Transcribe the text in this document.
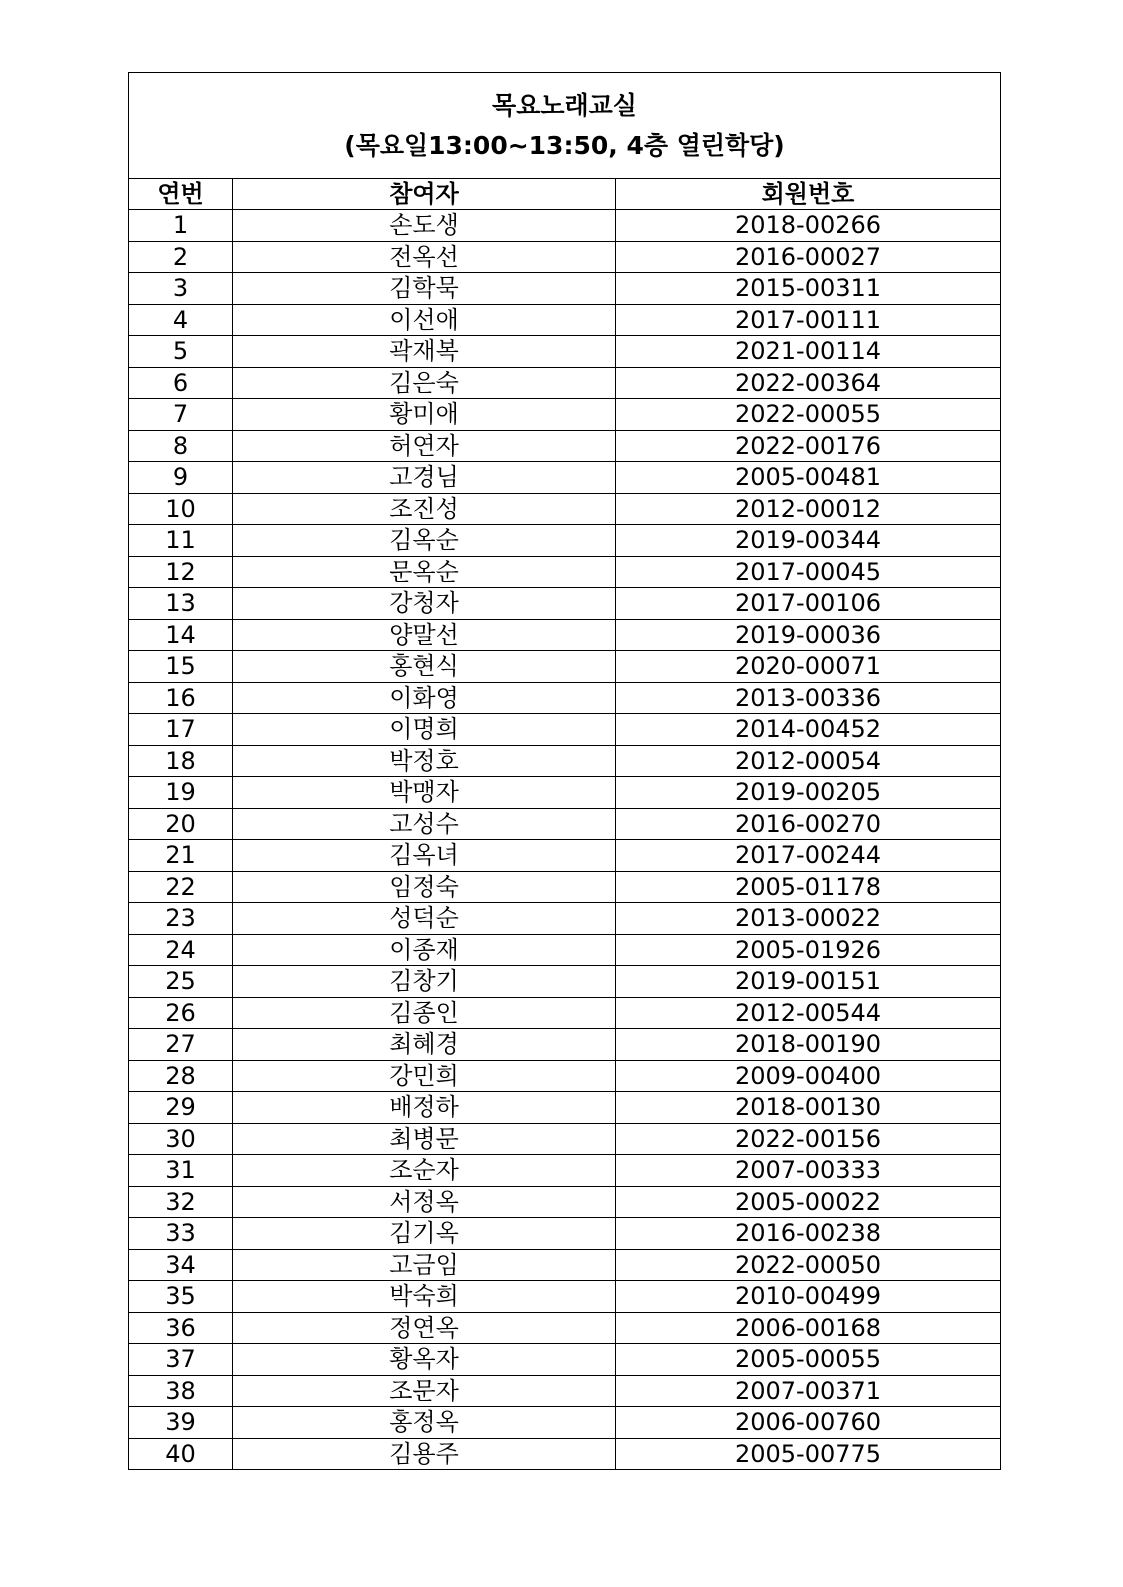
목요노래교실
(목요일13:00~13:50, 4층 열린학당)		

연번	참여자	회원번호
1	손도생	2018-00266
2	전옥선	2016-00027
3	김학묵	2015-00311
4	이선애	2017-00111
5	곽재복	2021-00114
6	김은숙	2022-00364
7	황미애	2022-00055
8	허연자	2022-00176
9	고경님	2005-00481
10	조진성	2012-00012
11	김옥순	2019-00344
12	문옥순	2017-00045
13	강청자	2017-00106
14	양말선	2019-00036
15	홍현식	2020-00071
16	이화영	2013-00336
17	이명희	2014-00452
18	박정호	2012-00054
19	박맹자	2019-00205
20	고성수	2016-00270
21	김옥녀	2017-00244
22	임정숙	2005-01178
23	성덕순	2013-00022
24	이종재	2005-01926
25	김창기	2019-00151
26	김종인	2012-00544
27	최혜경	2018-00190
28	강민희	2009-00400
29	배정하	2018-00130
30	최병문	2022-00156
31	조순자	2007-00333
32	서정옥	2005-00022
33	김기옥	2016-00238
34	고금임	2022-00050
35	박숙희	2010-00499
36	정연옥	2006-00168
37	황옥자	2005-00055
38	조문자	2007-00371
39	홍정옥	2006-00760
40	김용주	2005-00775
